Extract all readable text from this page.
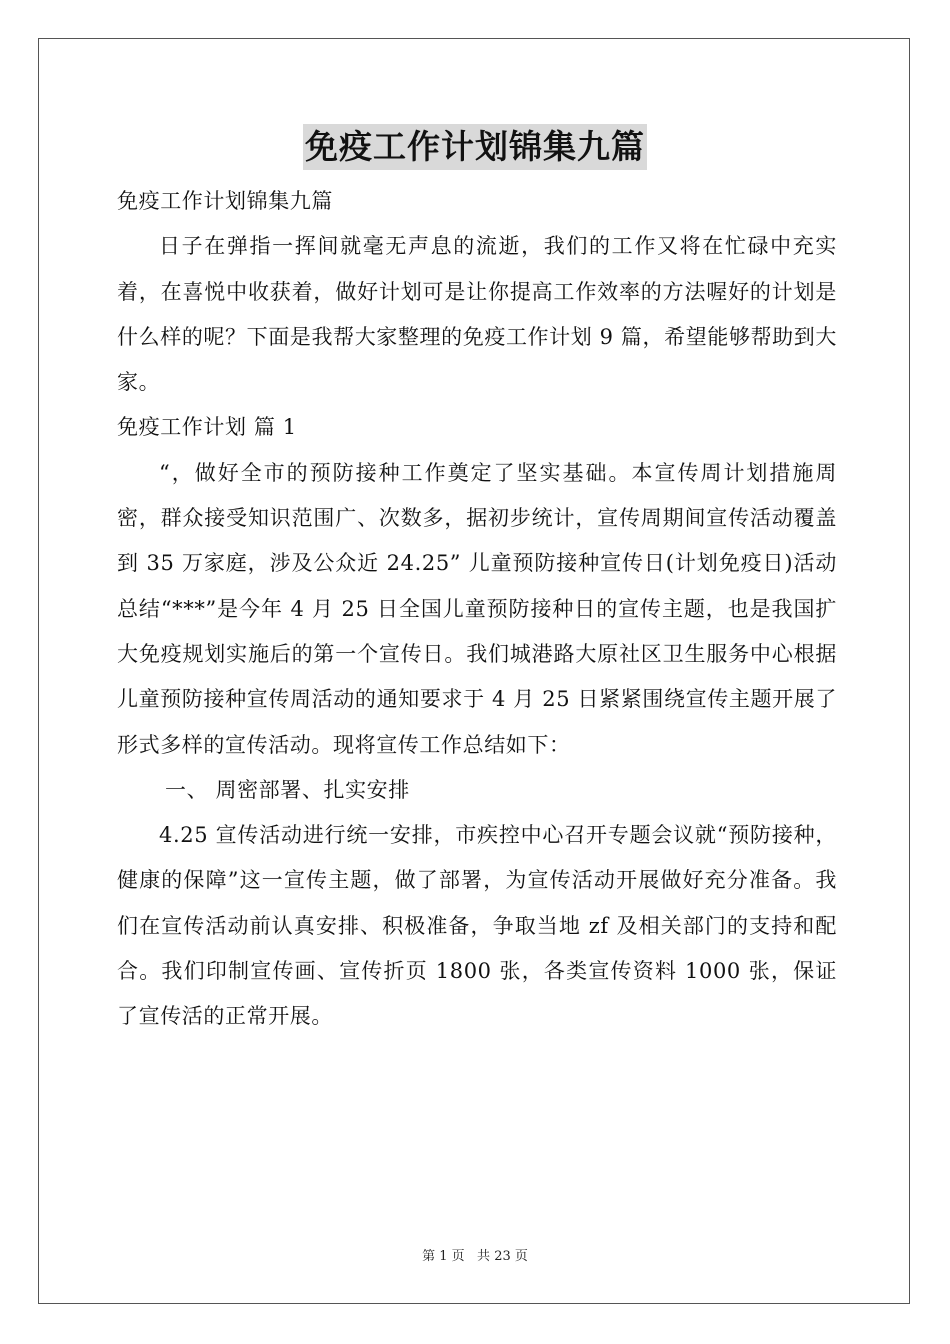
免疫工作计划锦集九篇
免疫工作计划锦集九篇
日子在弹指一挥间就毫无声息的流逝，我们的工作又将在忙碌中充实着，在喜悦中收获着，做好计划可是让你提高工作效率的方法喔好的计划是什么样的呢？下面是我帮大家整理的免疫工作计划 9 篇，希望能够帮助到大家。
免疫工作计划 篇 1
“，做好全市的预防接种工作奠定了坚实基础。本宣传周计划措施周密，群众接受知识范围广、次数多，据初步统计，宣传周期间宣传活动覆盖到 35 万家庭，涉及公众近 24.25” 儿童预防接种宣传日(计划免疫日)活动总结“***”是今年 4 月 25 日全国儿童预防接种日的宣传主题，也是我国扩大免疫规划实施后的第一个宣传日。我们城港路大原社区卫生服务中心根据儿童预防接种宣传周活动的通知要求于 4 月 25 日紧紧围绕宣传主题开展了形式多样的宣传活动。现将宣传工作总结如下：
一、 周密部署、扎实安排
4.25 宣传活动进行统一安排，市疾控中心召开专题会议就“预防接种，健康的保障”这一宣传主题，做了部署，为宣传活动开展做好充分准备。我们在宣传活动前认真安排、积极准备，争取当地 zf 及相关部门的支持和配合。我们印制宣传画、宣传折页 1800 张，各类宣传资料 1000 张，保证了宣传活的正常开展。
第 1 页   共 23 页
